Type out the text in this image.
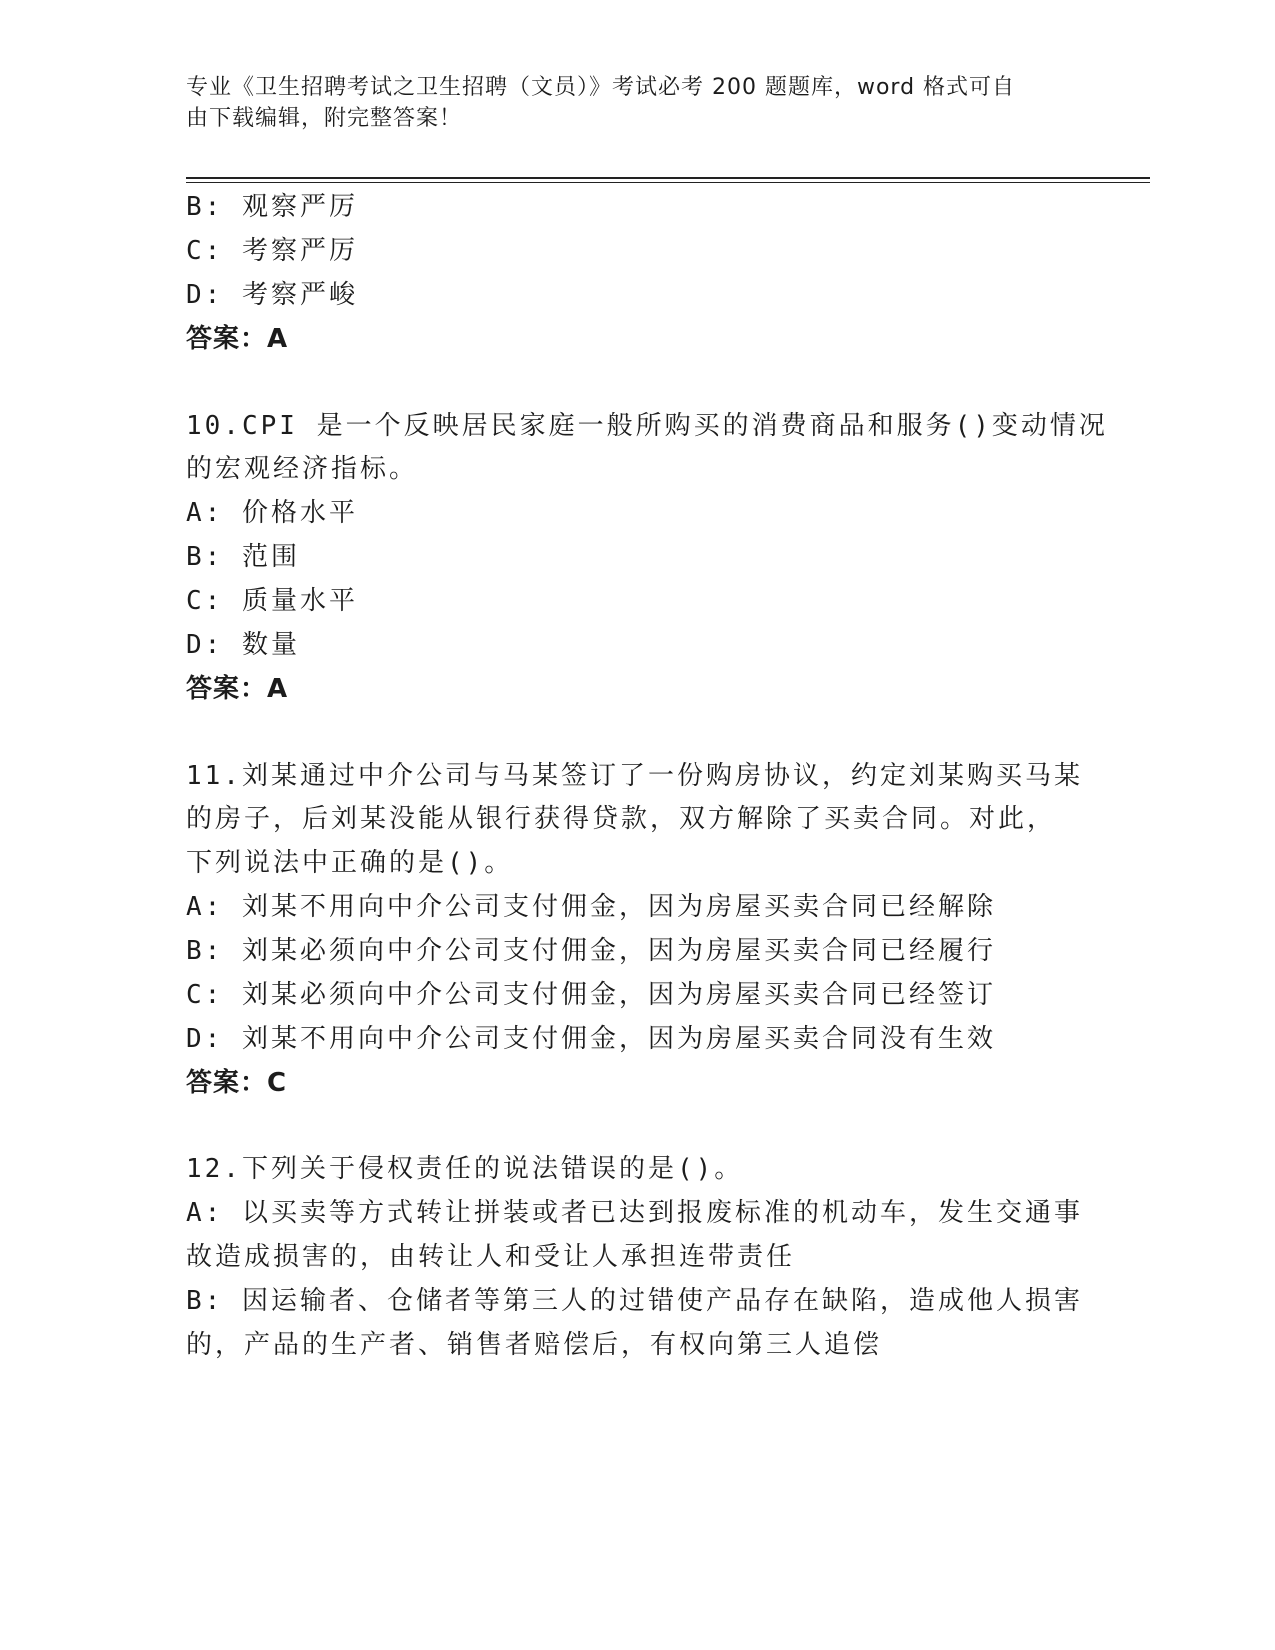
专业《卫生招聘考试之卫生招聘（文员）》考试必考 200 题题库，word 格式可自
由下载编辑，附完整答案！
B: 观察严厉
C: 考察严厉
D: 考察严峻
答案：A
10.CPI 是一个反映居民家庭一般所购买的消费商品和服务()变动情况
的宏观经济指标。
A: 价格水平
B: 范围
C: 质量水平
D: 数量
答案：A
11.刘某通过中介公司与马某签订了一份购房协议，约定刘某购买马某
的房子，后刘某没能从银行获得贷款，双方解除了买卖合同。对此，
下列说法中正确的是()。
A: 刘某不用向中介公司支付佣金，因为房屋买卖合同已经解除
B: 刘某必须向中介公司支付佣金，因为房屋买卖合同已经履行
C: 刘某必须向中介公司支付佣金，因为房屋买卖合同已经签订
D: 刘某不用向中介公司支付佣金，因为房屋买卖合同没有生效
答案：C
12.下列关于侵权责任的说法错误的是()。
A: 以买卖等方式转让拼装或者已达到报废标准的机动车，发生交通事
故造成损害的，由转让人和受让人承担连带责任
B: 因运输者、仓储者等第三人的过错使产品存在缺陷，造成他人损害
的，产品的生产者、销售者赔偿后，有权向第三人追偿
